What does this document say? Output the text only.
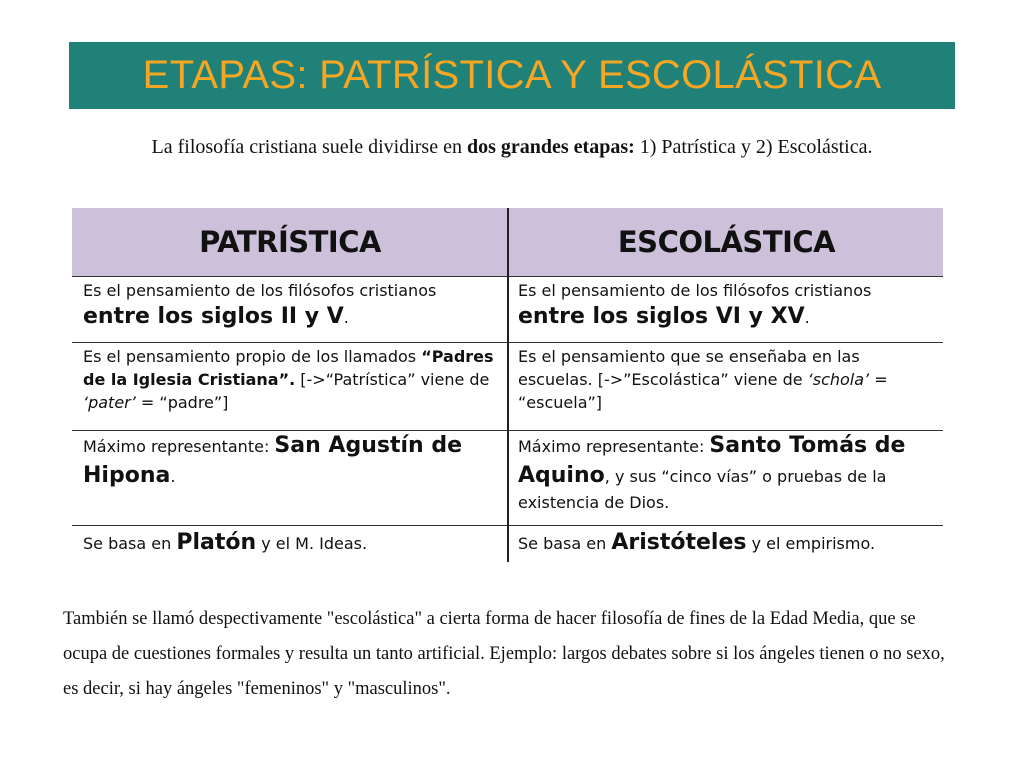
ETAPAS: PATRÍSTICA Y ESCOLÁSTICA
La filosofía cristiana suele dividirse en dos grandes etapas: 1) Patrística y 2) Escolástica.
PATRÍSTICA	ESCOLÁSTICA
Es el pensamiento de los filósofos cristianos entre los siglos II y V.
Es el pensamiento de los filósofos cristianos entre los siglos VI y XV.
Es el pensamiento propio de los llamados “Padres de la Iglesia Cristiana”. [->“Patrística” viene de ‘pater’ = “padre”]
Es el pensamiento que se enseñaba en las escuelas. [->”Escolástica” viene de ‘schola’ = “escuela”]
Máximo representante: San Agustín de Hipona.
Máximo representante: Santo Tomás de Aquino, y sus “cinco vías” o pruebas de la existencia de Dios.
Se basa en Platón y el M. Ideas.	Se basa en Aristóteles y el empirismo.
También se llamó despectivamente "escolástica" a cierta forma de hacer filosofía de fines de la Edad Media, que se ocupa de cuestiones formales y resulta un tanto artificial. Ejemplo: largos debates sobre si los ángeles tienen o no sexo, es decir, si hay ángeles "femeninos" y "masculinos".
